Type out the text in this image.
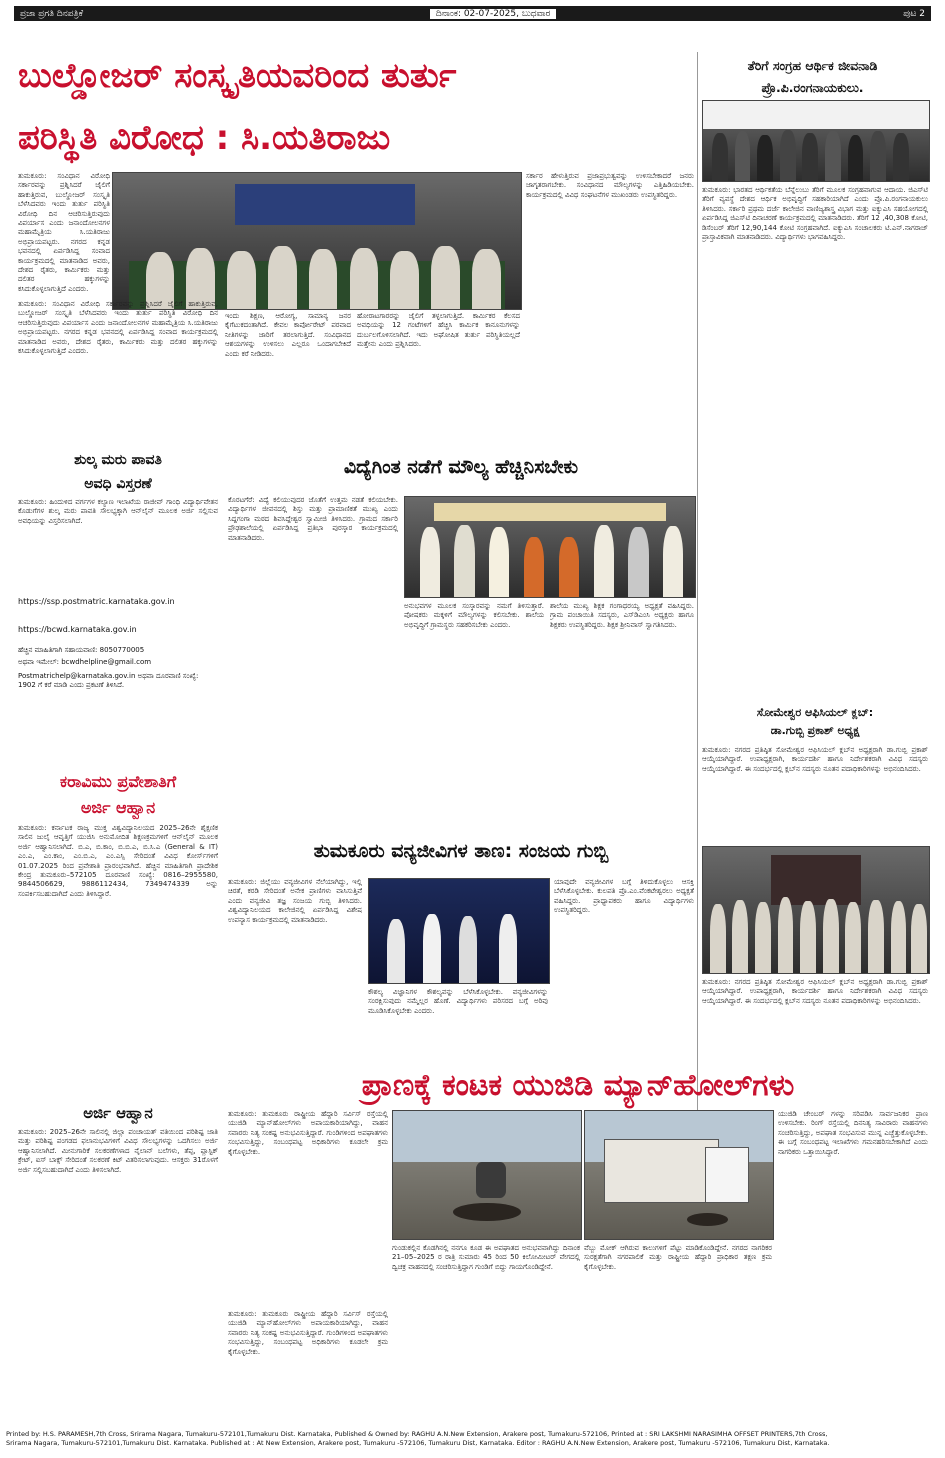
ಪ್ರಜಾ ಪ್ರಗತಿ ದಿನಪತ್ರಿಕೆ	ದಿನಾಂಕ: 02-07-2025, ಬುಧವಾರ	ಪುಟ 2
ಬುಲ್ಡೋಜರ್ ಸಂಸ್ಕೃತಿಯವರಿಂದ ತುರ್ತು
ಪರಿಸ್ಥಿತಿ ವಿರೋಧ : ಸಿ.ಯತಿರಾಜು
ತುಮಕೂರು: ಸಂವಿಧಾನ ವಿರೋಧಿ ಸರ್ಕಾರವನ್ನು ಪ್ರಶ್ನಿಸಿದರೆ ಜೈಲಿಗೆ ಹಾಕುತ್ತಿರುವ, ಬುಲ್ಡೋಜರ್ ಸಂಸ್ಕೃತಿ ಬೆಳೆಸಿದವರು ಇಂದು ತುರ್ತು ಪರಿಸ್ಥಿತಿ ವಿರೋಧಿ ದಿನ ಆಚರಿಸುತ್ತಿರುವುದು ವಿಪರ್ಯಾಸ ಎಂದು ಜನಾಂದೋಲನಗಳ ಮಹಾಮೈತ್ರಿಯ ಸಿ.ಯತಿರಾಜು ಅಭಿಪ್ರಾಯಪಟ್ಟರು. ನಗರದ ಕನ್ನಡ ಭವನದಲ್ಲಿ ಏರ್ಪಡಿಸಿದ್ದ ಸಂವಾದ ಕಾರ್ಯಕ್ರಮದಲ್ಲಿ ಮಾತನಾಡಿದ ಅವರು, ದೇಶದ ರೈತರು, ಕಾರ್ಮಿಕರು ಮತ್ತು ದಲಿತರ ಹಕ್ಕುಗಳನ್ನು ಕಸಿದುಕೊಳ್ಳಲಾಗುತ್ತಿದೆ ಎಂದರು.
ತುಮಕೂರು: ಸಂವಿಧಾನ ವಿರೋಧಿ ಸರ್ಕಾರವನ್ನು ಪ್ರಶ್ನಿಸಿದರೆ ಜೈಲಿಗೆ ಹಾಕುತ್ತಿರುವ, ಬುಲ್ಡೋಜರ್ ಸಂಸ್ಕೃತಿ ಬೆಳೆಸಿದವರು ಇಂದು ತುರ್ತು ಪರಿಸ್ಥಿತಿ ವಿರೋಧಿ ದಿನ ಆಚರಿಸುತ್ತಿರುವುದು ವಿಪರ್ಯಾಸ ಎಂದು ಜನಾಂದೋಲನಗಳ ಮಹಾಮೈತ್ರಿಯ ಸಿ.ಯತಿರಾಜು ಅಭಿಪ್ರಾಯಪಟ್ಟರು. ನಗರದ ಕನ್ನಡ ಭವನದಲ್ಲಿ ಏರ್ಪಡಿಸಿದ್ದ ಸಂವಾದ ಕಾರ್ಯಕ್ರಮದಲ್ಲಿ ಮಾತನಾಡಿದ ಅವರು, ದೇಶದ ರೈತರು, ಕಾರ್ಮಿಕರು ಮತ್ತು ದಲಿತರ ಹಕ್ಕುಗಳನ್ನು ಕಸಿದುಕೊಳ್ಳಲಾಗುತ್ತಿದೆ ಎಂದರು.
ಇಂದು ಶಿಕ್ಷಣ, ಆರೋಗ್ಯ, ಸಾಮಾನ್ಯ ಜನರ ಕೈಗೆಟುಕದಂತಾಗಿದೆ. ಕೇವಲ ಕಾರ್ಪೋರೇಟ್ ಪರವಾದ ನೀತಿಗಳನ್ನು ಜಾರಿಗೆ ತರಲಾಗುತ್ತಿದೆ. ಸಂವಿಧಾನದ ಆಶಯಗಳನ್ನು ಉಳಿಸಲು ಎಲ್ಲರೂ ಒಂದಾಗಬೇಕಿದೆ ಎಂದು ಕರೆ ನೀಡಿದರು.
ಹೋರಾಟಗಾರರನ್ನು ಜೈಲಿಗೆ ತಳ್ಳಲಾಗುತ್ತಿದೆ. ಕಾರ್ಮಿಕರ ಕೆಲಸದ ಅವಧಿಯನ್ನು 12 ಗಂಟೆಗಳಿಗೆ ಹೆಚ್ಚಿಸಿ ಕಾರ್ಮಿಕ ಕಾನೂನುಗಳನ್ನು ದುರ್ಬಲಗೊಳಿಸಲಾಗಿದೆ. ಇದು ಅಘೋಷಿತ ತುರ್ತು ಪರಿಸ್ಥಿತಿಯಲ್ಲದೆ ಮತ್ತೇನು ಎಂದು ಪ್ರಶ್ನಿಸಿದರು.
ಸರ್ಕಾರ ಹೇಳುತ್ತಿರುವ ಪ್ರಜಾಪ್ರಭುತ್ವವನ್ನು ಉಳಿಸಬೇಕಾದರೆ ಜನರು ಜಾಗೃತರಾಗಬೇಕು. ಸಂವಿಧಾನದ ಮೌಲ್ಯಗಳನ್ನು ಎತ್ತಿಹಿಡಿಯಬೇಕು. ಕಾರ್ಯಕ್ರಮದಲ್ಲಿ ವಿವಿಧ ಸಂಘಟನೆಗಳ ಮುಖಂಡರು ಉಪಸ್ಥಿತರಿದ್ದರು.
ತೆರಿಗೆ ಸಂಗ್ರಹ ಆರ್ಥಿಕ ಜೀವನಾಡಿ
ಪ್ರೊ.ಪಿ.ರಂಗನಾಯಕುಲು.
ತುಮಕೂರು: ಭಾರತದ ಆರ್ಥಿಕತೆಯ ಬೆನ್ನೆಲುಬು ತೆರಿಗೆ ಮೂಲಕ ಸಂಗ್ರಹವಾಗುವ ಆದಾಯ. ಜಿಎಸ್‌ಟಿ ತೆರಿಗೆ ವ್ಯವಸ್ಥೆ ದೇಶದ ಆರ್ಥಿಕ ಅಭಿವೃದ್ಧಿಗೆ ಸಹಕಾರಿಯಾಗಿದೆ ಎಂದು ಪ್ರೊ.ಪಿ.ರಂಗನಾಯಕುಲು ತಿಳಿಸಿದರು. ಸರ್ಕಾರಿ ಪ್ರಥಮ ದರ್ಜೆ ಕಾಲೇಜಿನ ವಾಣಿಜ್ಯಶಾಸ್ತ್ರ ವಿಭಾಗ ಮತ್ತು ಐಕ್ಯುಎಸಿ ಸಹಯೋಗದಲ್ಲಿ ಏರ್ಪಡಿಸಿದ್ದ ಜಿಎಸ್‌ಟಿ ದಿನಾಚರಣೆ ಕಾರ್ಯಕ್ರಮದಲ್ಲಿ ಮಾತನಾಡಿದರು. ತೆರಿಗೆ 12 ,40,308 ಕೋಟಿ, ಡಿಸೆಂಬರ್‌ ತೆರಿಗೆ 12,90,144 ಕೋಟಿ ಸಂಗ್ರಹವಾಗಿದೆ. ಐಕ್ಯುಎಸಿ ಸಂಚಾಲಕರು ಟಿ.ಎನ್.ನಾಗರಾಜ್ ಪ್ರಾಸ್ತಾವಿಕವಾಗಿ ಮಾತನಾಡಿದರು. ವಿದ್ಯಾರ್ಥಿಗಳು ಭಾಗವಹಿಸಿದ್ದರು.
ಶುಲ್ಕ ಮರು ಪಾವತಿ
ಅವಧಿ ವಿಸ್ತರಣೆ
ತುಮಕೂರು: ಹಿಂದುಳಿದ ವರ್ಗಗಳ ಕಲ್ಯಾಣ ಇಲಾಖೆಯ ರಾಜೀವ್ ಗಾಂಧಿ ವಿದ್ಯಾರ್ಥಿವೇತನ ಕೊಡುಗೆಗಳ ಶುಲ್ಕ ಮರು ಪಾವತಿ ಸೌಲಭ್ಯಕ್ಕಾಗಿ ಆನ್‌ಲೈನ್ ಮೂಲಕ ಅರ್ಜಿ ಸಲ್ಲಿಸುವ ಅವಧಿಯನ್ನು ವಿಸ್ತರಿಸಲಾಗಿದೆ.
https://ssp.postmatric.karnataka.gov.in
https://bcwd.karnataka.gov.in
ಹೆಚ್ಚಿನ ಮಾಹಿತಿಗಾಗಿ ಸಹಾಯವಾಣಿ: 8050770005
ಅಥವಾ ಇಮೇಲ್: bcwdhelpline@gmail.com
Postmatrichelp@karnataka.gov.in ಅಥವಾ ದೂರವಾಣಿ ಸಂಖ್ಯೆ: 1902 ಗೆ ಕರೆ ಮಾಡಿ ಎಂದು ಪ್ರಕಟಣೆ ತಿಳಿಸಿದೆ.
ವಿದ್ಯೆಗಿಂತ ನಡೆಗೆ ಮೌಲ್ಯ ಹೆಚ್ಚಿನಿಸಬೇಕು
ಕೊರಟಗೆರೆ: ವಿದ್ಯೆ ಕಲಿಯುವುದರ ಜೊತೆಗೆ ಉತ್ತಮ ನಡತೆ ಕಲಿಯಬೇಕು. ವಿದ್ಯಾರ್ಥಿಗಳ ಜೀವನದಲ್ಲಿ ಶಿಸ್ತು ಮತ್ತು ಪ್ರಾಮಾಣಿಕತೆ ಮುಖ್ಯ ಎಂದು ಸಿದ್ದಗಂಗಾ ಮಠದ ಶಿವಸಿದ್ದೇಶ್ವರ ಸ್ವಾಮೀಜಿ ತಿಳಿಸಿದರು. ಗ್ರಾಮದ ಸರ್ಕಾರಿ ಪ್ರೌಢಶಾಲೆಯಲ್ಲಿ ಏರ್ಪಡಿಸಿದ್ದ ಪ್ರತಿಭಾ ಪುರಸ್ಕಾರ ಕಾರ್ಯಕ್ರಮದಲ್ಲಿ ಮಾತನಾಡಿದರು.
ಅನುಭವಗಳ ಮೂಲಕ ಸಂಸ್ಕಾರವನ್ನು ನಮಗೆ ತಿಳಿಸುತ್ತಾರೆ. ಪೋಷಕರು ಮಕ್ಕಳಿಗೆ ಮೌಲ್ಯಗಳನ್ನು ಕಲಿಸಬೇಕು. ಶಾಲೆಯ ಅಭಿವೃದ್ಧಿಗೆ ಗ್ರಾಮಸ್ಥರು ಸಹಕರಿಸಬೇಕು ಎಂದರು.
ಶಾಲೆಯ ಮುಖ್ಯ ಶಿಕ್ಷಕ ಗಂಗಾಧರಯ್ಯ ಅಧ್ಯಕ್ಷತೆ ವಹಿಸಿದ್ದರು. ಗ್ರಾಮ ಪಂಚಾಯಿತಿ ಸದಸ್ಯರು, ಎಸ್‌ಡಿಎಂಸಿ ಅಧ್ಯಕ್ಷರು ಹಾಗೂ ಶಿಕ್ಷಕರು ಉಪಸ್ಥಿತರಿದ್ದರು. ಶಿಕ್ಷಕ ಶ್ರೀನಿವಾಸ್ ಸ್ವಾಗತಿಸಿದರು.
ಸೋಮೇಶ್ವರ ಆಫಿಸಿಯಲ್ ಕ್ಲಬ್:
ಡಾ.ಗುಬ್ಬಿ ಪ್ರಕಾಶ್ ಅಧ್ಯಕ್ಷ
ತುಮಕೂರು: ನಗರದ ಪ್ರತಿಷ್ಠಿತ ಸೋಮೇಶ್ವರ ಆಫಿಸಿಯಲ್ ಕ್ಲಬ್‌ನ ಅಧ್ಯಕ್ಷರಾಗಿ ಡಾ.ಗುಬ್ಬಿ ಪ್ರಕಾಶ್ ಆಯ್ಕೆಯಾಗಿದ್ದಾರೆ. ಉಪಾಧ್ಯಕ್ಷರಾಗಿ, ಕಾರ್ಯದರ್ಶಿ ಹಾಗೂ ನಿರ್ದೇಶಕರಾಗಿ ವಿವಿಧ ಸದಸ್ಯರು ಆಯ್ಕೆಯಾಗಿದ್ದಾರೆ. ಈ ಸಂದರ್ಭದಲ್ಲಿ ಕ್ಲಬ್‌ನ ಸದಸ್ಯರು ನೂತನ ಪದಾಧಿಕಾರಿಗಳನ್ನು ಅಭಿನಂದಿಸಿದರು.
ತುಮಕೂರು: ನಗರದ ಪ್ರತಿಷ್ಠಿತ ಸೋಮೇಶ್ವರ ಆಫಿಸಿಯಲ್ ಕ್ಲಬ್‌ನ ಅಧ್ಯಕ್ಷರಾಗಿ ಡಾ.ಗುಬ್ಬಿ ಪ್ರಕಾಶ್ ಆಯ್ಕೆಯಾಗಿದ್ದಾರೆ. ಉಪಾಧ್ಯಕ್ಷರಾಗಿ, ಕಾರ್ಯದರ್ಶಿ ಹಾಗೂ ನಿರ್ದೇಶಕರಾಗಿ ವಿವಿಧ ಸದಸ್ಯರು ಆಯ್ಕೆಯಾಗಿದ್ದಾರೆ. ಈ ಸಂದರ್ಭದಲ್ಲಿ ಕ್ಲಬ್‌ನ ಸದಸ್ಯರು ನೂತನ ಪದಾಧಿಕಾರಿಗಳನ್ನು ಅಭಿನಂದಿಸಿದರು.
ಕರಾವಿಮು ಪ್ರವೇಶಾತಿಗೆ
ಅರ್ಜಿ ಆಹ್ವಾನ
ತುಮಕೂರು: ಕರ್ನಾಟಕ ರಾಜ್ಯ ಮುಕ್ತ ವಿಶ್ವವಿದ್ಯಾನಿಲಯದ 2025–26ನೇ ಶೈಕ್ಷಣಿಕ ಸಾಲಿನ ಜುಲೈ ಆವೃತ್ತಿಗೆ ಯುಜಿಸಿ ಅನುಮೋದಿತ ಶಿಕ್ಷಣಕ್ರಮಗಳಿಗೆ ಆನ್‌ಲೈನ್ ಮೂಲಕ ಅರ್ಜಿ ಆಹ್ವಾನಿಸಲಾಗಿದೆ. ಬಿ.ಎ, ಬಿ.ಕಾಂ, ಬಿ.ಬಿ.ಎ, ಬಿ.ಸಿ.ಎ (General & IT) ಎಂ.ಎ, ಎಂ.ಕಾಂ, ಎಂ.ಬಿ.ಎ, ಎಂ.ಎಸ್ಸಿ ಸೇರಿದಂತೆ ವಿವಿಧ ಕೋರ್ಸ್‌ಗಳಿಗೆ 01.07.2025 ರಿಂದ ಪ್ರವೇಶಾತಿ ಪ್ರಾರಂಭವಾಗಿದೆ. ಹೆಚ್ಚಿನ ಮಾಹಿತಿಗಾಗಿ ಪ್ರಾದೇಶಿಕ ಕೇಂದ್ರ ತುಮಕೂರು–572105 ದೂರವಾಣಿ ಸಂಖ್ಯೆ: 0816–2955580, 9844506629, 9886112434, 7349474339 ಅನ್ನು ಸಂಪರ್ಕಿಸಬಹುದಾಗಿದೆ ಎಂದು ತಿಳಿಸಿದ್ದಾರೆ.
ಅರ್ಜಿ ಆಹ್ವಾನ
ತುಮಕೂರು: 2025–26ನೇ ಸಾಲಿನಲ್ಲಿ ಜಿಲ್ಲಾ ಪಂಚಾಯತ್ ವತಿಯಿಂದ ಪರಿಶಿಷ್ಟ ಜಾತಿ ಮತ್ತು ಪರಿಶಿಷ್ಟ ಪಂಗಡದ ಫಲಾನುಭವಿಗಳಿಗೆ ವಿವಿಧ ಸೌಲಭ್ಯಗಳನ್ನು ಒದಗಿಸಲು ಅರ್ಜಿ ಆಹ್ವಾನಿಸಲಾಗಿದೆ. ಮೀನುಗಾರಿಕೆ ಸಲಕರಣೆಗಳಾದ ನೈಲಾನ್ ಬಲೆಗಳು, ತೆಪ್ಪ, ಪ್ಲಾಸ್ಟಿಕ್ ಕ್ರೇಟ್, ಐಸ್ ಬಾಕ್ಸ್ ಸೇರಿದಂತೆ ಸಲಕರಣೆ ಕಿಟ್ ವಿತರಿಸಲಾಗುವುದು. ಆಸಕ್ತರು 31ರೊಳಗೆ ಅರ್ಜಿ ಸಲ್ಲಿಸಬಹುದಾಗಿದೆ ಎಂದು ತಿಳಿಸಲಾಗಿದೆ.
ತುಮಕೂರು ವನ್ಯಜೀವಿಗಳ ತಾಣ: ಸಂಜಯ ಗುಬ್ಬಿ
ತುಮಕೂರು: ಜಿಲ್ಲೆಯು ವನ್ಯಜೀವಿಗಳ ನೆಲೆಯಾಗಿದ್ದು, ಇಲ್ಲಿ ಚಿರತೆ, ಕರಡಿ ಸೇರಿದಂತೆ ಅನೇಕ ಪ್ರಾಣಿಗಳು ವಾಸಿಸುತ್ತಿವೆ ಎಂದು ವನ್ಯಜೀವಿ ತಜ್ಞ ಸಂಜಯ ಗುಬ್ಬಿ ತಿಳಿಸಿದರು. ವಿಶ್ವವಿದ್ಯಾನಿಲಯದ ಕಾಲೇಜಿನಲ್ಲಿ ಏರ್ಪಡಿಸಿದ್ದ ವಿಶೇಷ ಉಪನ್ಯಾಸ ಕಾರ್ಯಕ್ರಮದಲ್ಲಿ ಮಾತನಾಡಿದರು.
ಯಾವುದೇ ವನ್ಯಜೀವಿಗಳ ಬಗ್ಗೆ ತಿಳಿದುಕೊಳ್ಳಲು ಆಸಕ್ತಿ ಬೆಳೆಸಿಕೊಳ್ಳಬೇಕು. ಕುಲಪತಿ ಪ್ರೊ.ಎಂ.ವೆಂಕಟೇಶ್ವರಲು ಅಧ್ಯಕ್ಷತೆ ವಹಿಸಿದ್ದರು. ಪ್ರಾಧ್ಯಾಪಕರು ಹಾಗೂ ವಿದ್ಯಾರ್ಥಿಗಳು ಉಪಸ್ಥಿತರಿದ್ದರು.
ಕೌಶಲ್ಯ ವಿಜ್ಞಾನಿಗಳ ಕೌಶಲ್ಯವನ್ನು ಬೆಳೆಸಿಕೊಳ್ಳಬೇಕು. ವನ್ಯಜೀವಿಗಳನ್ನು ಸಂರಕ್ಷಿಸುವುದು ನಮ್ಮೆಲ್ಲರ ಹೊಣೆ. ವಿದ್ಯಾರ್ಥಿಗಳು ಪರಿಸರದ ಬಗ್ಗೆ ಅರಿವು ಮೂಡಿಸಿಕೊಳ್ಳಬೇಕು ಎಂದರು.
ಪ್ರಾಣಕ್ಕೆ ಕಂಟಕ ಯುಜಿಡಿ ಮ್ಯಾನ್‌ಹೋಲ್‌ಗಳು
ತುಮಕೂರು: ತುಮಕೂರು ರಾಷ್ಟ್ರೀಯ ಹೆದ್ದಾರಿ ಸರ್ವಿಸ್ ರಸ್ತೆಯಲ್ಲಿ ಯುಜಿಡಿ ಮ್ಯಾನ್‌ಹೋಲ್‌ಗಳು ಅಪಾಯಕಾರಿಯಾಗಿದ್ದು, ವಾಹನ ಸವಾರರು ನಿತ್ಯ ಸಂಕಷ್ಟ ಅನುಭವಿಸುತ್ತಿದ್ದಾರೆ. ಗುಂಡಿಗಳಿಂದ ಅಪಘಾತಗಳು ಸಂಭವಿಸುತ್ತಿದ್ದು, ಸಂಬಂಧಪಟ್ಟ ಅಧಿಕಾರಿಗಳು ಕೂಡಲೇ ಕ್ರಮ ಕೈಗೊಳ್ಳಬೇಕು.
ಯುಜಿಡಿ ಚೇಂಬರ್ ಗಳನ್ನು ಸರಿಪಡಿಸಿ ಸಾರ್ವಜನಿಕರ ಪ್ರಾಣ ಉಳಿಸಬೇಕು. ರಿಂಗ್ ರಸ್ತೆಯಲ್ಲಿ ದಿನನಿತ್ಯ ಸಾವಿರಾರು ವಾಹನಗಳು ಸಂಚರಿಸುತ್ತಿದ್ದು, ಅಪಘಾತ ಸಂಭವಿಸುವ ಮುನ್ನ ಎಚ್ಚೆತ್ತುಕೊಳ್ಳಬೇಕು. ಈ ಬಗ್ಗೆ ಸಂಬಂಧಪಟ್ಟ ಇಲಾಖೆಗಳು ಗಮನಹರಿಸಬೇಕಾಗಿದೆ ಎಂದು ನಾಗರಿಕರು ಒತ್ತಾಯಿಸಿದ್ದಾರೆ.
ಗುಂಡುಕಲ್ಲಿನ ಕೊಡಗಿನಲ್ಲಿ ನನಗೂ ಕೂಡ ಈ ಅಪಘಾತದ ಅನುಭವವಾಗಿದ್ದು ದಿನಾಂಕ 21–05–2025 ರ ರಾತ್ರಿ ಸುಮಾರು 45 ರಿಂದ 50 ಕಿಲೋಮೀಟರ್ ವೇಗದಲ್ಲಿ ದ್ವಿಚಕ್ರ ವಾಹನದಲ್ಲಿ ಸಂಚರಿಸುತ್ತಿದ್ದಾಗ ಗುಂಡಿಗೆ ಬಿದ್ದು ಗಾಯಗೊಂಡಿದ್ದೇನೆ.
ವೆಬ್ಬು ಮೋಕ್‌ ಆಗಿರುವ ಕಾಲುಗಳಿಗೆ ಪೆಟ್ಟು ಮಾಡಿಕೊಂಡಿದ್ದೇನೆ. ನಗರದ ನಾಗರಿಕರ ಸುರಕ್ಷತೆಗಾಗಿ ನಗರಪಾಲಿಕೆ ಮತ್ತು ರಾಷ್ಟ್ರೀಯ ಹೆದ್ದಾರಿ ಪ್ರಾಧಿಕಾರ ತಕ್ಷಣ ಕ್ರಮ ಕೈಗೊಳ್ಳಬೇಕು.
ತುಮಕೂರು: ತುಮಕೂರು ರಾಷ್ಟ್ರೀಯ ಹೆದ್ದಾರಿ ಸರ್ವಿಸ್ ರಸ್ತೆಯಲ್ಲಿ ಯುಜಿಡಿ ಮ್ಯಾನ್‌ಹೋಲ್‌ಗಳು ಅಪಾಯಕಾರಿಯಾಗಿದ್ದು, ವಾಹನ ಸವಾರರು ನಿತ್ಯ ಸಂಕಷ್ಟ ಅನುಭವಿಸುತ್ತಿದ್ದಾರೆ. ಗುಂಡಿಗಳಿಂದ ಅಪಘಾತಗಳು ಸಂಭವಿಸುತ್ತಿದ್ದು, ಸಂಬಂಧಪಟ್ಟ ಅಧಿಕಾರಿಗಳು ಕೂಡಲೇ ಕ್ರಮ ಕೈಗೊಳ್ಳಬೇಕು.
Printed by: H.S. PARAMESH,7th Cross, Srirama Nagara, Tumakuru-572101,Tumakuru Dist. Karnataka, Published & Owned by: RAGHU A.N.New Extension, Arakere post, Tumakuru-572106, Printed at : SRI LAKSHMI NARASIMHA OFFSET PRINTERS,7th Cross,
Srirama Nagara, Tumakuru-572101,Tumakuru Dist. Karnataka. Published at : At New Extension, Arakere post, Tumakuru -572106, Tumakuru Dist, Karnataka. Editor : RAGHU A.N.New Extension, Arakere post, Tumakuru -572106, Tumakuru Dist, Karnataka.
